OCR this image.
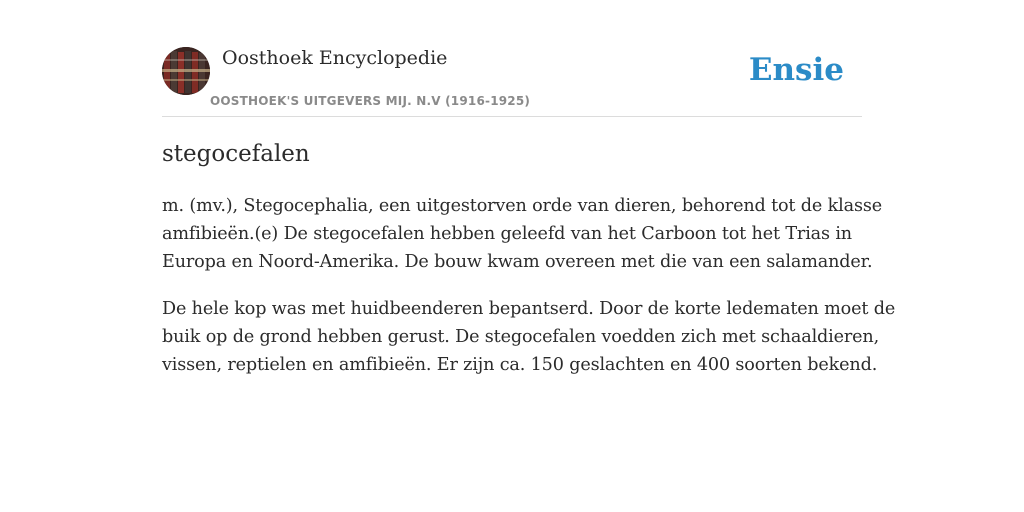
Oosthoek Encyclopedie
OOSTHOEK'S UITGEVERS MIJ. N.V (1916-1925)
Ensie
stegocefalen

m. (mv.), Stegocephalia, een uitgestorven orde van dieren, behorend tot de klasse
amfibieën.(e) De stegocefalen hebben geleefd van het Carboon tot het Trias in
Europa en Noord-Amerika. De bouw kwam overeen met die van een salamander.

De hele kop was met huidbeenderen bepantserd. Door de korte ledematen moet de
buik op de grond hebben gerust. De stegocefalen voedden zich met schaaldieren,
vissen, reptielen en amfibieën. Er zijn ca. 150 geslachten en 400 soorten bekend.
